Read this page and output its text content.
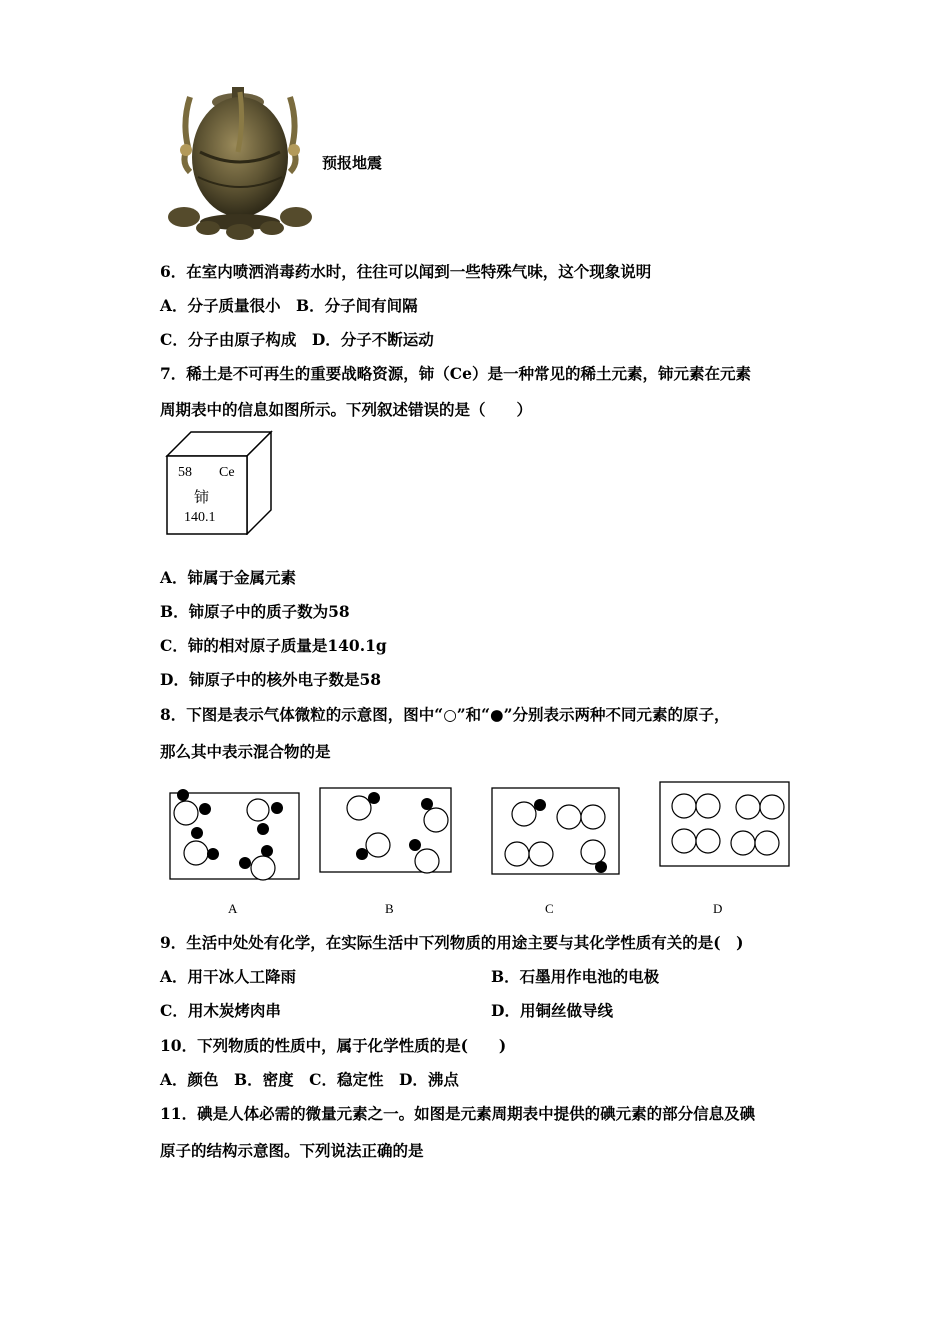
预报地震
6．在室内喷洒消毒药水时，往往可以闻到一些特殊气味，这个现象说明
A．分子质量很小　B．分子间有间隔
C．分子由原子构成　D．分子不断运动
7．稀土是不可再生的重要战略资源，铈（Ce）是一种常见的稀土元素，铈元素在元素
周期表中的信息如图所示。下列叙述错误的是（　　）
58 Ce
铈
140.1
A．铈属于金属元素
B．铈原子中的质子数为58
C．铈的相对原子质量是140.1g
D．铈原子中的核外电子数是58
8．下图是表示气体微粒的示意图，图中“○”和“●”分别表示两种不同元素的原子，
那么其中表示混合物的是
A	B	C	D
9．生活中处处有化学，在实际生活中下列物质的用途主要与其化学性质有关的是(　)
A．用干冰人工降雨	B．石墨用作电池的电极
C．用木炭烤肉串	D．用铜丝做导线
10．下列物质的性质中，属于化学性质的是(　　)
A．颜色　B．密度　C．稳定性　D．沸点
11．碘是人体必需的微量元素之一。如图是元素周期表中提供的碘元素的部分信息及碘
原子的结构示意图。下列说法正确的是
